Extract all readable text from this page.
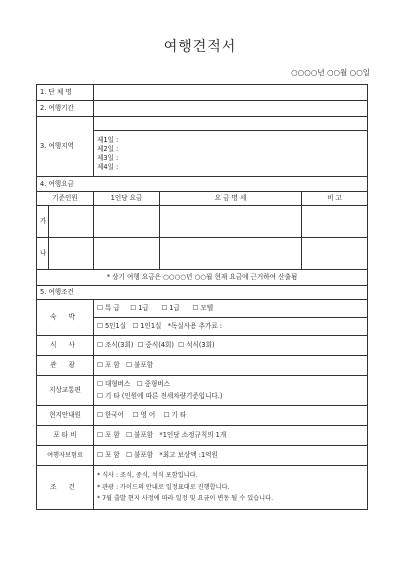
여행견적서
○○○○년 ○○월 ○○일
1. 단 체 명				
2. 여행기간				
3. 여행지역				

		제1일 :
제2일 :
제3일 :
제4일 :		

4. 여행요금				
기준인원		1인당 요금	요 금 명 세	비 고
가				
나				
* 상기 여행 요금은 ○○○○년 ○○월 현재 요금에 근거하여 산출됨				
5. 여행조건				
숙 박		☐ 특 급 ☐ 1급 ☐ 1급 ☐ 모텔
		☐ 5인1실 ☐ 1인1실 *독실사용 추가료 :
식 사		☐ 조식(3회) ☐ 중식(4회) ☐ 석식(3회)
관 광		☐ 포 함 ☐ 불포함
지상교통편		☐ 대형버스 ☐ 중형버스
☐ 기 타 (인원에 따른 전세차량기준입니다.)

현지안내원		☐ 한국어 ☐ 영 어 ☐ 기 타
포 타 비		☐ 포 함 ☐ 불포함 *1인당 소정규칙의 1개
여행자보험료		☐ 포 함 ☐ 불포함 *최고 보상액 :1억원
조 건		* 식사 : 조식, 중식, 석식 포함입니다.
* 관광 : 가이드의 안내로 일정표대로 진행합니다.
* 7월 출발 현지 사정에 따라 일정 및 요금이 변동 될 수 있습니다.		
